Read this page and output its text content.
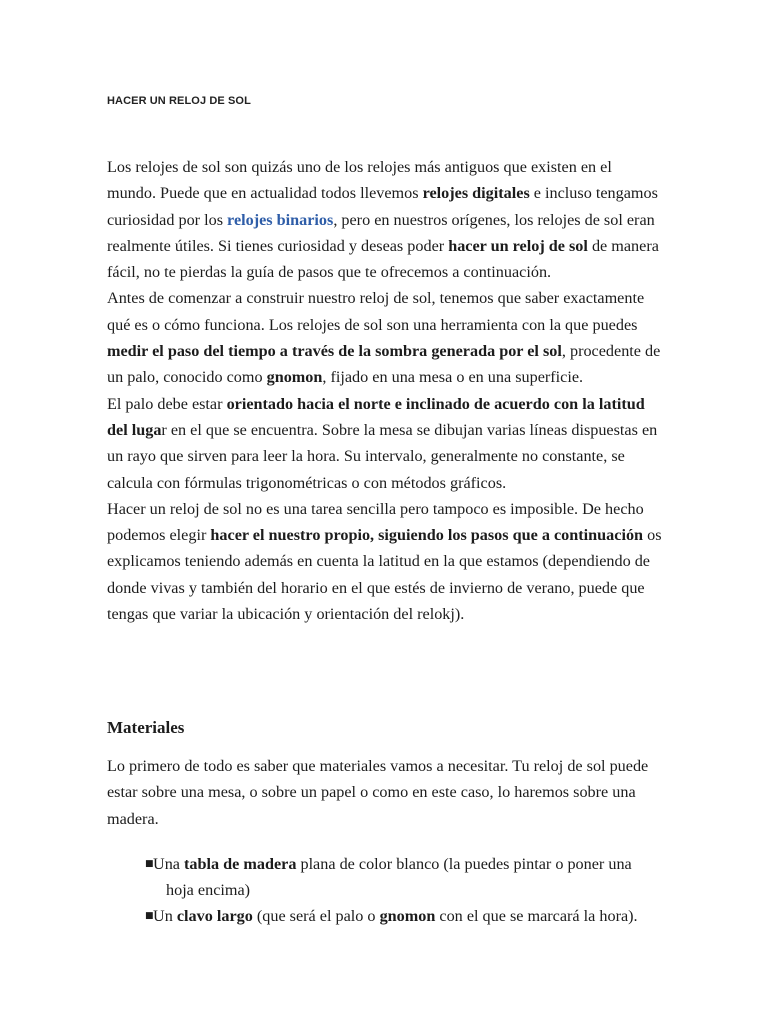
HACER UN RELOJ DE SOL

Los relojes de sol son quizás uno de los relojes más antiguos que existen en el mundo. Puede que en actualidad todos llevemos relojes digitales e incluso tengamos curiosidad por los relojes binarios, pero en nuestros orígenes, los relojes de sol eran realmente útiles. Si tienes curiosidad y deseas poder hacer un reloj de sol de manera fácil, no te pierdas la guía de pasos que te ofrecemos a continuación.

Antes de comenzar a construir nuestro reloj de sol, tenemos que saber exactamente qué es o cómo funciona. Los relojes de sol son una herramienta con la que puedes medir el paso del tiempo a través de la sombra generada por el sol, procedente de un palo, conocido como gnomon, fijado en una mesa o en una superficie.

El palo debe estar orientado hacia el norte e inclinado de acuerdo con la latitud del lugar en el que se encuentra. Sobre la mesa se dibujan varias líneas dispuestas en un rayo que sirven para leer la hora. Su intervalo, generalmente no constante, se calcula con fórmulas trigonométricas o con métodos gráficos.

Hacer un reloj de sol no es una tarea sencilla pero tampoco es imposible. De hecho podemos elegir hacer el nuestro propio, siguiendo los pasos que a continuación os explicamos teniendo además en cuenta la latitud en la que estamos (dependiendo de donde vivas y también del horario en el que estés de invierno de verano, puede que tengas que variar la ubicación y orientación del relokj).

Materiales

Lo primero de todo es saber que materiales vamos a necesitar. Tu reloj de sol puede estar sobre una mesa, o sobre un papel o como en este caso, lo haremos sobre una madera.

■ Una tabla de madera plana de color blanco (la puedes pintar o poner una
hoja encima)
■ Un clavo largo (que será el palo o gnomon con el que se marcará la hora).
